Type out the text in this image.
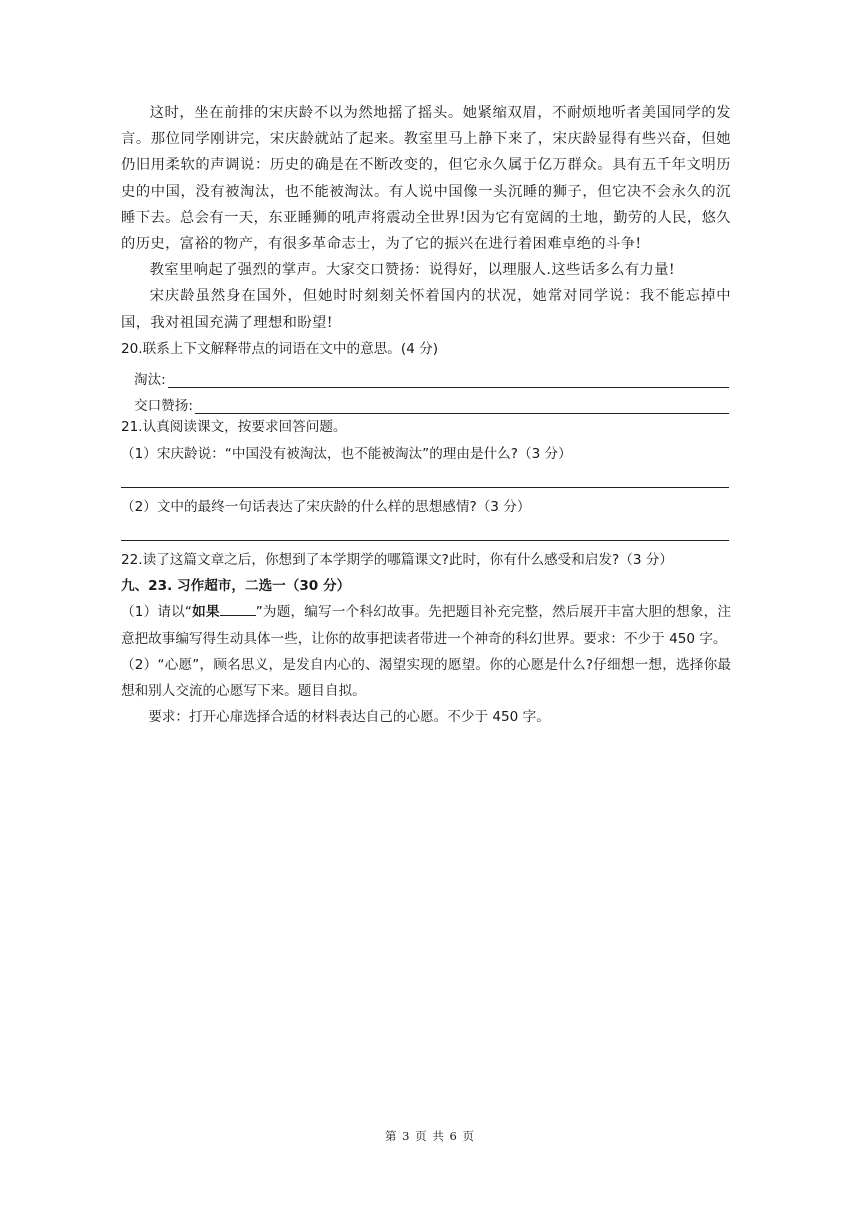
这时，坐在前排的宋庆龄不以为然地摇了摇头。她紧缩双眉，不耐烦地听者美国同学的发言。那位同学刚讲完，宋庆龄就站了起来。教室里马上静下来了，宋庆龄显得有些兴奋，但她仍旧用柔软的声调说：历史的确是在不断改变的，但它永久属于亿万群众。具有五千年文明历史的中国，没有被淘汰，也不能被淘汰。有人说中国像一头沉睡的狮子，但它决不会永久的沉睡下去。总会有一天，东亚睡狮的吼声将震动全世界!因为它有宽阔的土地，勤劳的人民，悠久的历史，富裕的物产，有很多革命志士，为了它的振兴在进行着困难卓绝的斗争!

教室里响起了强烈的掌声。大家交口赞扬：说得好，以理服人.这些话多么有力量!

宋庆龄虽然身在国外，但她时时刻刻关怀着国内的状况，她常对同学说：我不能忘掉中国，我对祖国充满了理想和盼望!

20.联系上下文解释带点的词语在文中的意思。(4 分)

淘汰:
交口赞扬:

21.认真阅读课文，按要求回答问题。

（1）宋庆龄说：“中国没有被淘汰，也不能被淘汰”的理由是什么?（3 分）

（2）文中的最终一句话表达了宋庆龄的什么样的思想感情?（3 分）

22.读了这篇文章之后，你想到了本学期学的哪篇课文?此时，你有什么感受和启发?（3 分）

九、23. 习作超市，二选一（30 分）

（1）请以“如果	”为题，编写一个科幻故事。先把题目补充完整，然后展开丰富大胆的想象，注意把故事编写得生动具体一些，让你的故事把读者带进一个神奇的科幻世界。要求：不少于 450 字。

（2）“心愿”，顾名思义，是发自内心的、渴望实现的愿望。你的心愿是什么?仔细想一想，选择你最想和别人交流的心愿写下来。题目自拟。

要求：打开心扉选择合适的材料表达自己的心愿。不少于 450 字。

第 3 页 共 6 页
